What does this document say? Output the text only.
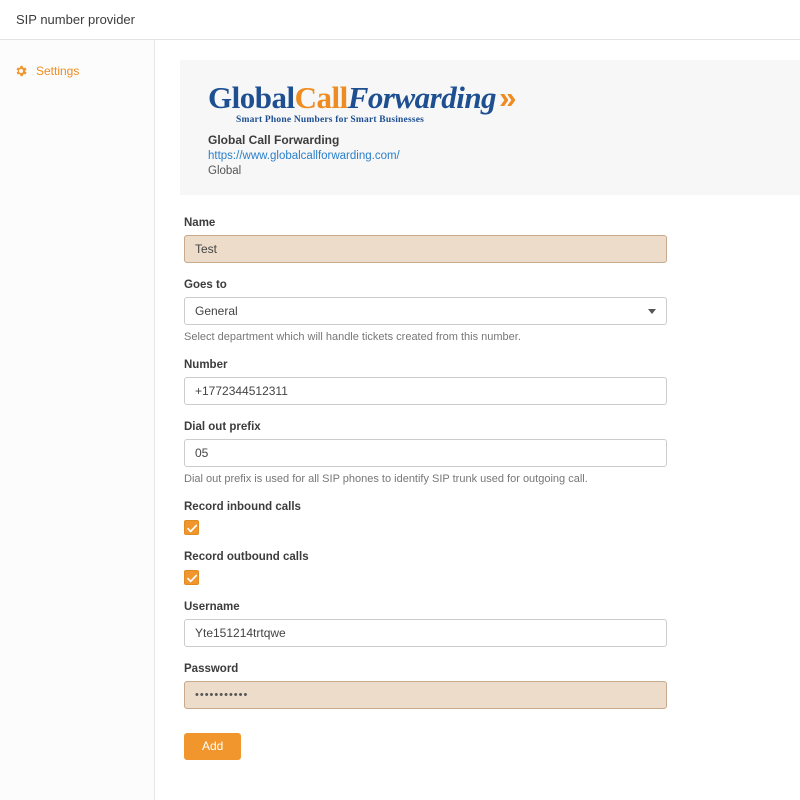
SIP number provider
Settings
GlobalCallForwarding»
Smart Phone Numbers for Smart Businesses
Global Call Forwarding
https://www.globalcallforwarding.com/
Global
Name
Test
Goes to
General
Select department which will handle tickets created from this number.
Number
+1772344512311
Dial out prefix
05
Dial out prefix is used for all SIP phones to identify SIP trunk used for outgoing call.
Record inbound calls
Record outbound calls
Username
Yte151214trtqwe
Password
•••••••••••
Add
